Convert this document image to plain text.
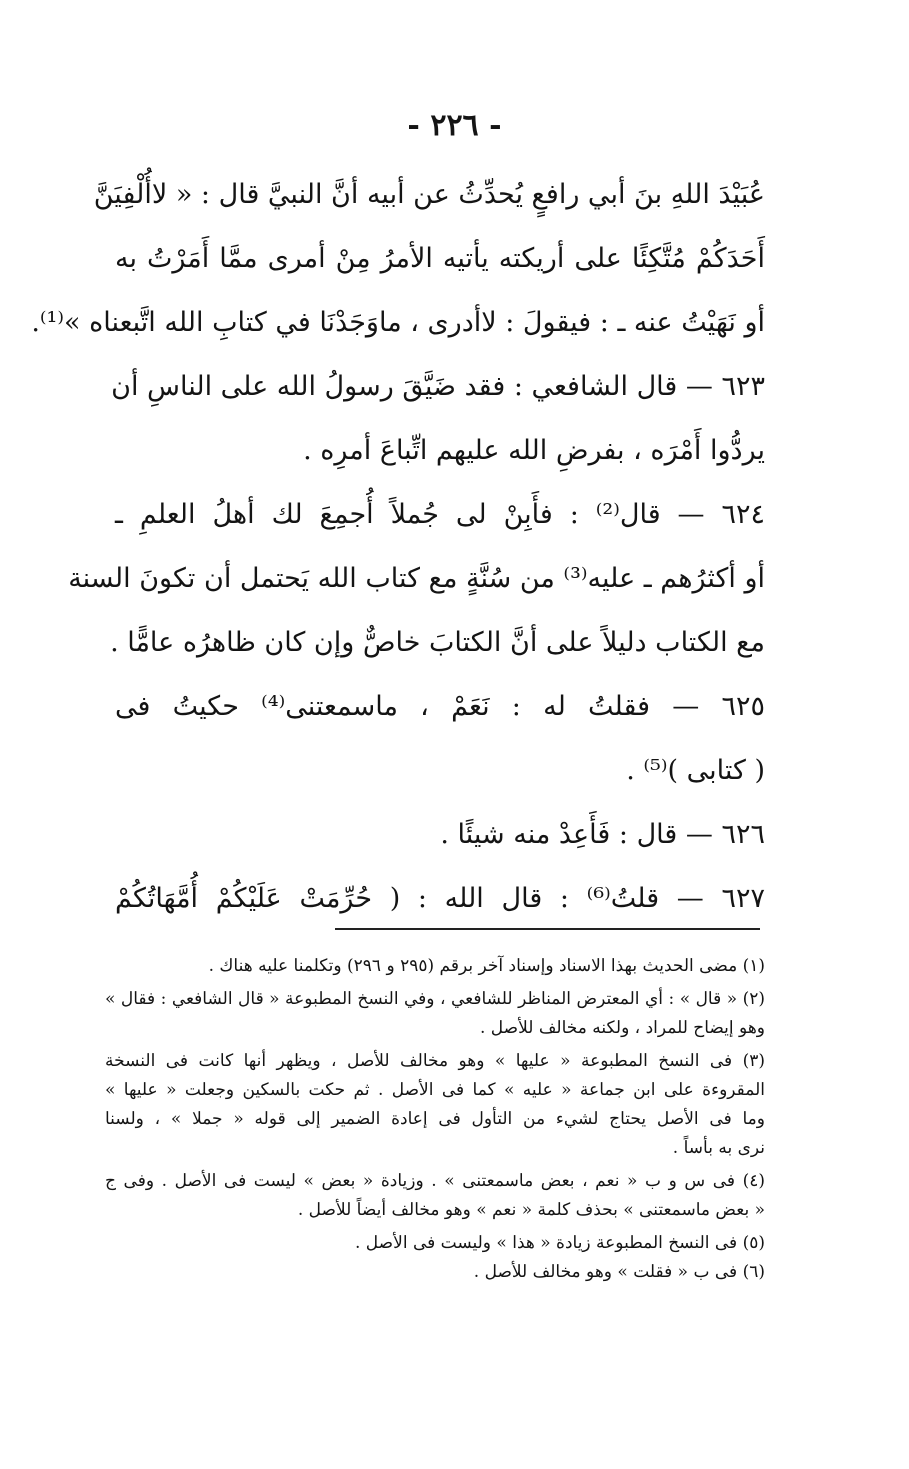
- ٢٢٦ -
عُبَيْدَ اللهِ بنَ أبي رافعٍ يُحدِّثُ عن أبيه أنَّ النبيَّ قال : « لاأُلْفِيَنَّ
أَحَدَكُمْ مُتَّكِئًا على أريكته يأتيه الأمرُ مِنْ أمرى ممَّا أَمَرْتُ به
أو نَهَيْتُ عنه ـ : فيقولَ : لاأدرى ، ماوَجَدْنَا في كتابِ الله اتَّبعناه »⁽¹⁾.
٦٢٣ — قال الشافعي : فقد ضَيَّقَ رسولُ الله على الناسِ أن
يردُّوا أَمْرَه ، بفرضِ الله عليهم اتِّباعَ أمرِه .
٦٢٤ — قال⁽²⁾ : فأَبِنْ لى جُملاً أُجمِعَ لك أهلُ العلمِ ـ
أو أكثرُهم ـ عليه⁽³⁾ من سُنَّةٍ مع كتاب الله يَحتمل أن تكونَ السنة
مع الكتاب دليلاً على أنَّ الكتابَ خاصٌّ وإن كان ظاهرُه عامًّا .
٦٢٥ — فقلتُ له : نَعَمْ ، ماسمعتنى⁽⁴⁾ حكيتُ فى
( كتابى )⁽⁵⁾ .
٦٢٦ — قال : فَأَعِدْ منه شيئًا .
٦٢٧ — قلتُ⁽⁶⁾ : قال الله : ( حُرِّمَتْ عَلَيْكُمْ أُمَّهَاتُكُمْ
(١) مضى الحديث بهذا الاسناد وإسناد آخر برقم (٢٩٥ و ٢٩٦) وتكلمنا عليه هناك .
(٢) « قال » : أي المعترض المناظر للشافعي ، وفي النسخ المطبوعة « قال الشافعي : فقال »
وهو إيضاح للمراد ، ولكنه مخالف للأصل .
(٣) فى النسخ المطبوعة « عليها » وهو مخالف للأصل ، ويظهر أنها كانت فى النسخة
المقروءة على ابن جماعة « عليه » كما فى الأصل . ثم حكت بالسكين وجعلت « عليها »
وما فى الأصل يحتاج لشيء من التأول فى إعادة الضمير إلى قوله « جملا » ، ولسنا
نرى به بأساً .
(٤) فى س و ب « نعم ، بعض ماسمعتنى » . وزيادة « بعض » ليست فى الأصل . وفى ج
« بعض ماسمعتنى » بحذف كلمة « نعم » وهو مخالف أيضاً للأصل .
(٥) فى النسخ المطبوعة زيادة « هذا » وليست فى الأصل .
(٦) فى ب « فقلت » وهو مخالف للأصل .
